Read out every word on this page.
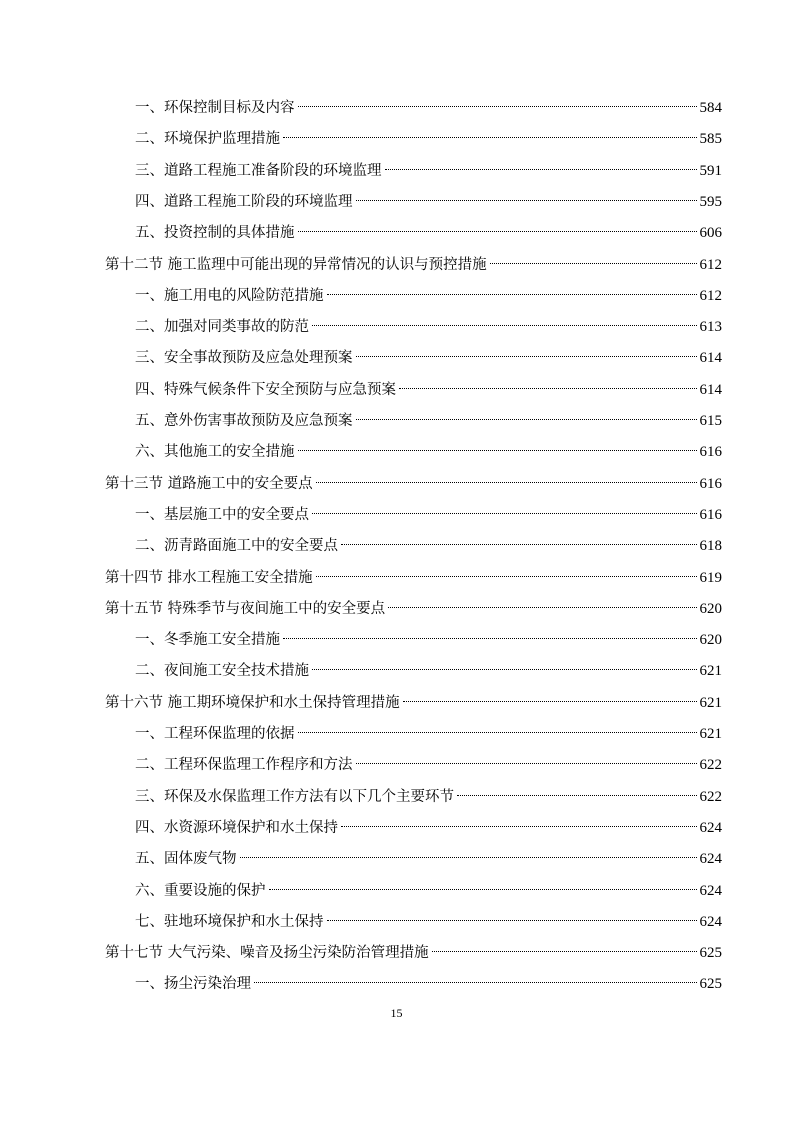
一、环保控制目标及内容	584
二、环境保护监理措施	585
三、道路工程施工准备阶段的环境监理	591
四、道路工程施工阶段的环境监理	595
五、投资控制的具体措施	606
第十二节 施工监理中可能出现的异常情况的认识与预控措施	612
一、施工用电的风险防范措施	612
二、加强对同类事故的防范	613
三、安全事故预防及应急处理预案	614
四、特殊气候条件下安全预防与应急预案	614
五、意外伤害事故预防及应急预案	615
六、其他施工的安全措施	616
第十三节 道路施工中的安全要点	616
一、基层施工中的安全要点	616
二、沥青路面施工中的安全要点	618
第十四节 排水工程施工安全措施	619
第十五节 特殊季节与夜间施工中的安全要点	620
一、冬季施工安全措施	620
二、夜间施工安全技术措施	621
第十六节 施工期环境保护和水土保持管理措施	621
一、工程环保监理的依据	621
二、工程环保监理工作程序和方法	622
三、环保及水保监理工作方法有以下几个主要环节	622
四、水资源环境保护和水土保持	624
五、固体废气物	624
六、重要设施的保护	624
七、驻地环境保护和水土保持	624
第十七节 大气污染、噪音及扬尘污染防治管理措施	625
一、扬尘污染治理	625
15
